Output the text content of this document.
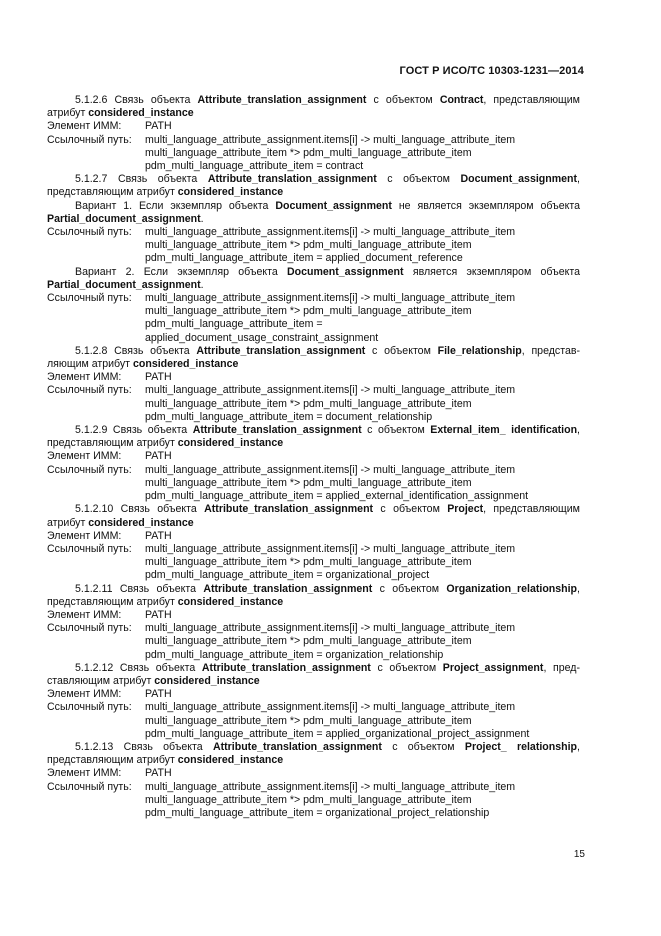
ГОСТ Р ИСО/ТС 10303-1231—2014
5.1.2.6 Связь объекта Attribute_translation_assignment с объектом Contract, представляющим атрибут considered_instance
Элемент ИММ:	PATH
Ссылочный путь:	multi_language_attribute_assignment.items[i] -> multi_language_attribute_item
multi_language_attribute_item *> pdm_multi_language_attribute_item
pdm_multi_language_attribute_item = contract
5.1.2.7 Связь объекта Attribute_translation_assignment с объектом Document_assignment, представляющим атрибут considered_instance
Вариант 1. Если экземпляр объекта Document_assignment не является экземпляром объекта Partial_document_assignment.
Ссылочный путь:	multi_language_attribute_assignment.items[i] -> multi_language_attribute_item
multi_language_attribute_item *> pdm_multi_language_attribute_item
pdm_multi_language_attribute_item = applied_document_reference
Вариант 2. Если экземпляр объекта Document_assignment является экземпляром объекта Partial_document_assignment.
Ссылочный путь:	multi_language_attribute_assignment.items[i] -> multi_language_attribute_item
multi_language_attribute_item *> pdm_multi_language_attribute_item
pdm_multi_language_attribute_item =
applied_document_usage_constraint_assignment
5.1.2.8 Связь объекта Attribute_translation_assignment с объектом File_relationship, представ-ляющим атрибут considered_instance
Элемент ИММ:	PATH
Ссылочный путь:	multi_language_attribute_assignment.items[i] -> multi_language_attribute_item
multi_language_attribute_item *> pdm_multi_language_attribute_item
pdm_multi_language_attribute_item = document_relationship
5.1.2.9 Связь объекта Attribute_translation_assignment с объектом External_item_ identification, представляющим атрибут considered_instance
Элемент ИММ:	PATH
Ссылочный путь:	multi_language_attribute_assignment.items[i] -> multi_language_attribute_item
multi_language_attribute_item *> pdm_multi_language_attribute_item
pdm_multi_language_attribute_item = applied_external_identification_assignment
5.1.2.10 Связь объекта Attribute_translation_assignment с объектом Project, представляющим атрибут considered_instance
Элемент ИММ:	PATH
Ссылочный путь:	multi_language_attribute_assignment.items[i] -> multi_language_attribute_item
multi_language_attribute_item *> pdm_multi_language_attribute_item
pdm_multi_language_attribute_item = organizational_project
5.1.2.11 Связь объекта Attribute_translation_assignment с объектом Organization_relationship, представляющим атрибут considered_instance
Элемент ИММ:	PATH
Ссылочный путь:	multi_language_attribute_assignment.items[i] -> multi_language_attribute_item
multi_language_attribute_item *> pdm_multi_language_attribute_item
pdm_multi_language_attribute_item = organization_relationship
5.1.2.12 Связь объекта Attribute_translation_assignment с объектом Project_assignment, пред-ставляющим атрибут considered_instance
Элемент ИММ:	PATH
Ссылочный путь:	multi_language_attribute_assignment.items[i] -> multi_language_attribute_item
multi_language_attribute_item *> pdm_multi_language_attribute_item
pdm_multi_language_attribute_item = applied_organizational_project_assignment
5.1.2.13 Связь объекта Attribute_translation_assignment с объектом Project_ relationship, представляющим атрибут considered_instance
Элемент ИММ:	PATH
Ссылочный путь:	multi_language_attribute_assignment.items[i] -> multi_language_attribute_item
multi_language_attribute_item *> pdm_multi_language_attribute_item
pdm_multi_language_attribute_item = organizational_project_relationship
15
